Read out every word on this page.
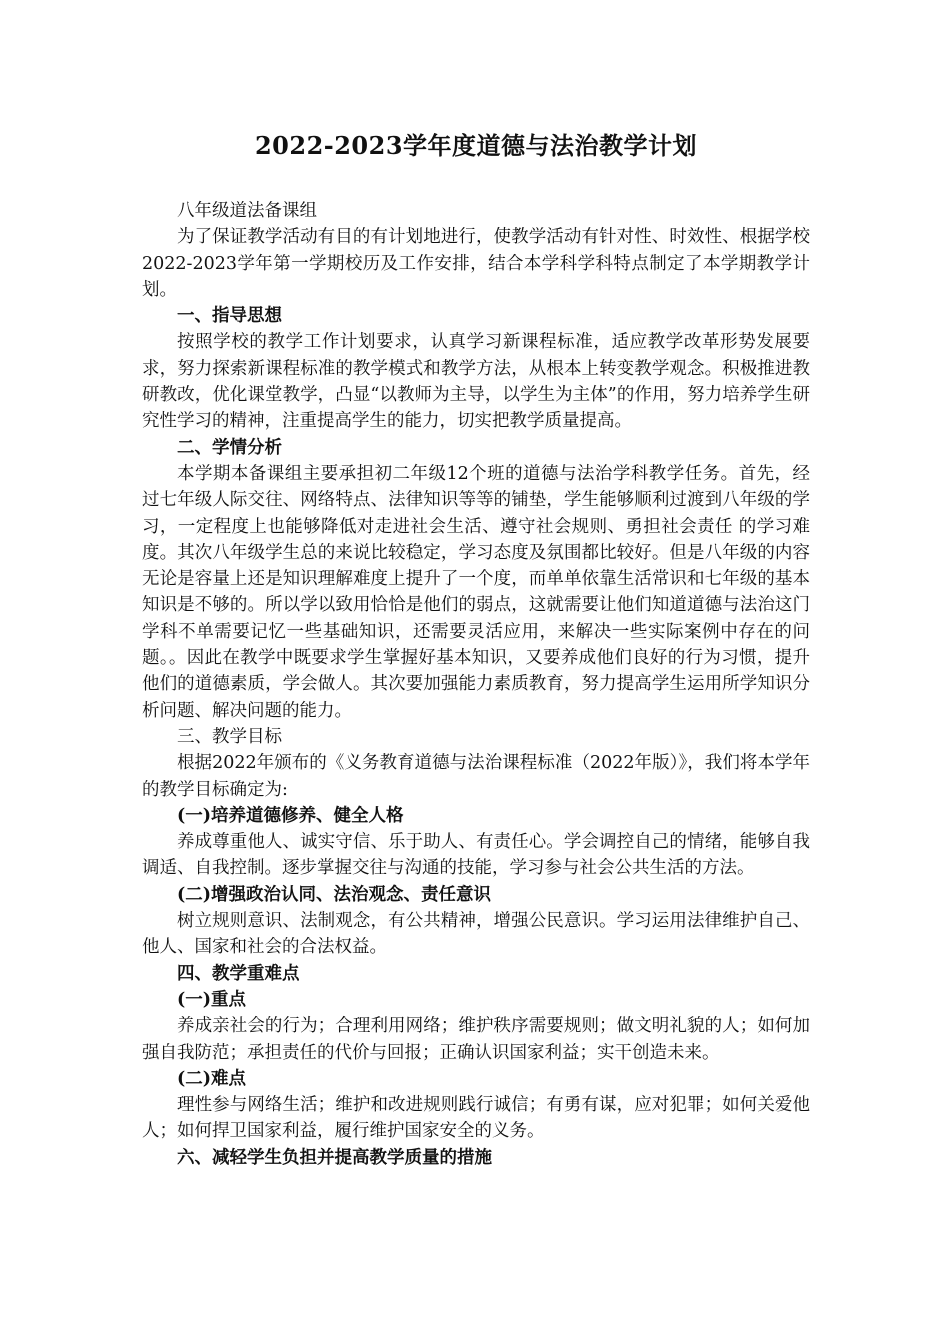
2022-2023学年度道德与法治教学计划

八年级道法备课组

为了保证教学活动有目的有计划地进行，使教学活动有针对性、时效性、根据学校2022-2023学年第一学期校历及工作安排，结合本学科学科特点制定了本学期教学计划。

一、指导思想

按照学校的教学工作计划要求，认真学习新课程标准，适应教学改革形势发展要求，努力探索新课程标准的教学模式和教学方法，从根本上转变教学观念。积极推进教研教改，优化课堂教学，凸显“以教师为主导，以学生为主体”的作用，努力培养学生研究性学习的精神，注重提高学生的能力，切实把教学质量提高。

二、学情分析

本学期本备课组主要承担初二年级12个班的道德与法治学科教学任务。首先，经过七年级人际交往、网络特点、法律知识等等的铺垫，学生能够顺利过渡到八年级的学习，一定程度上也能够降低对走进社会生活、遵守社会规则、勇担社会责任 的学习难度。其次八年级学生总的来说比较稳定，学习态度及氛围都比较好。但是八年级的内容无论是容量上还是知识理解难度上提升了一个度，而单单依靠生活常识和七年级的基本知识是不够的。所以学以致用恰恰是他们的弱点，这就需要让他们知道道德与法治这门学科不单需要记忆一些基础知识，还需要灵活应用，来解决一些实际案例中存在的问题。。因此在教学中既要求学生掌握好基本知识，又要养成他们良好的行为习惯，提升他们的道德素质，学会做人。其次要加强能力素质教育，努力提高学生运用所学知识分析问题、解决问题的能力。

三、教学目标

根据2022年颁布的《义务教育道德与法治课程标准（2022年版）》，我们将本学年的教学目标确定为:

(一)培养道德修养、健全人格

养成尊重他人、诚实守信、乐于助人、有责任心。学会调控自己的情绪，能够自我调适、自我控制。逐步掌握交往与沟通的技能，学习参与社会公共生活的方法。

(二)增强政治认同、法治观念、责任意识

树立规则意识、法制观念，有公共精神，增强公民意识。学习运用法律维护自己、他人、国家和社会的合法权益。

四、教学重难点

(一)重点

养成亲社会的行为；合理利用网络；维护秩序需要规则；做文明礼貌的人；如何加强自我防范；承担责任的代价与回报；正确认识国家利益；实干创造未来。

(二)难点

理性参与网络生活；维护和改进规则践行诚信；有勇有谋，应对犯罪；如何关爱他人；如何捍卫国家利益，履行维护国家安全的义务。

六、减轻学生负担并提高教学质量的措施
